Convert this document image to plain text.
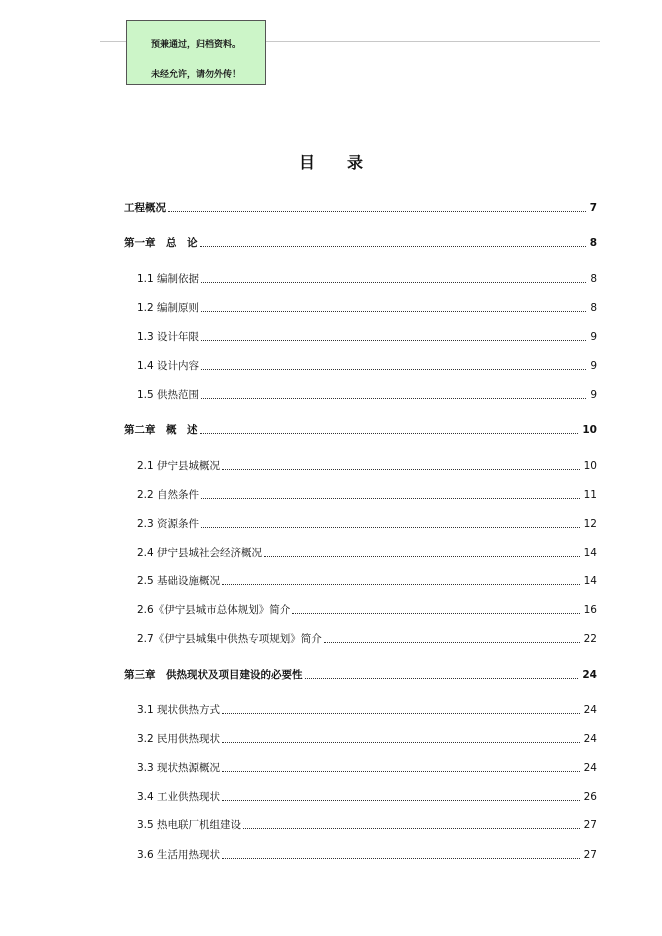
预兼通过，归档资料。
未经允许，请勿外传！
目　　录
工程概况	7
第一章　总　论	8
1.1 编制依据	8
1.2 编制原则	8
1.3 设计年限	9
1.4 设计内容	9
1.5 供热范围	9
第二章　概　述	10
2.1 伊宁县城概况	10
2.2 自然条件	11
2.3 资源条件	12
2.4 伊宁县城社会经济概况	14
2.5 基础设施概况	14
2.6《伊宁县城市总体规划》简介	16
2.7《伊宁县城集中供热专项规划》简介	22
第三章　供热现状及项目建设的必要性	24
3.1 现状供热方式	24
3.2 民用供热现状	24
3.3 现状热源概况	24
3.4 工业供热现状	26
3.5 热电联厂机组建设	27
3.6 生活用热现状	27
